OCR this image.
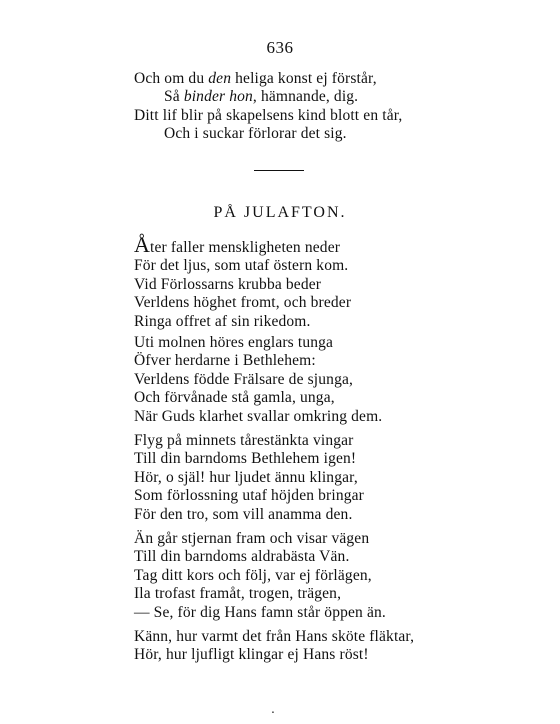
636
Och om du den heliga konst ej förstår,
Så binder hon, hämnande, dig.
Ditt lif blir på skapelsens kind blott en tår,
Och i suckar förlorar det sig.
PÅ JULAFTON.
Åter faller menskligheten neder
För det ljus, som utaf östern kom.
Vid Förlossarns krubba beder
Verldens höghet fromt, och breder
Ringa offret af sin rikedom.
Uti molnen höres englars tunga
Öfver herdarne i Bethlehem:
Verldens födde Frälsare de sjunga,
Och förvånade stå gamla, unga,
När Guds klarhet svallar omkring dem.
Flyg på minnets tårestänkta vingar
Till din barndoms Bethlehem igen!
Hör, o själ! hur ljudet ännu klingar,
Som förlossning utaf höjden bringar
För den tro, som vill anamma den.
Än går stjernan fram och visar vägen
Till din barndoms aldrabästa Vän.
Tag ditt kors och följ, var ej förlägen,
Ila trofast framåt, trogen, trägen,
— Se, för dig Hans famn står öppen än.
Känn, hur varmt det från Hans sköte fläktar,
Hör, hur ljufligt klingar ej Hans röst!
·
